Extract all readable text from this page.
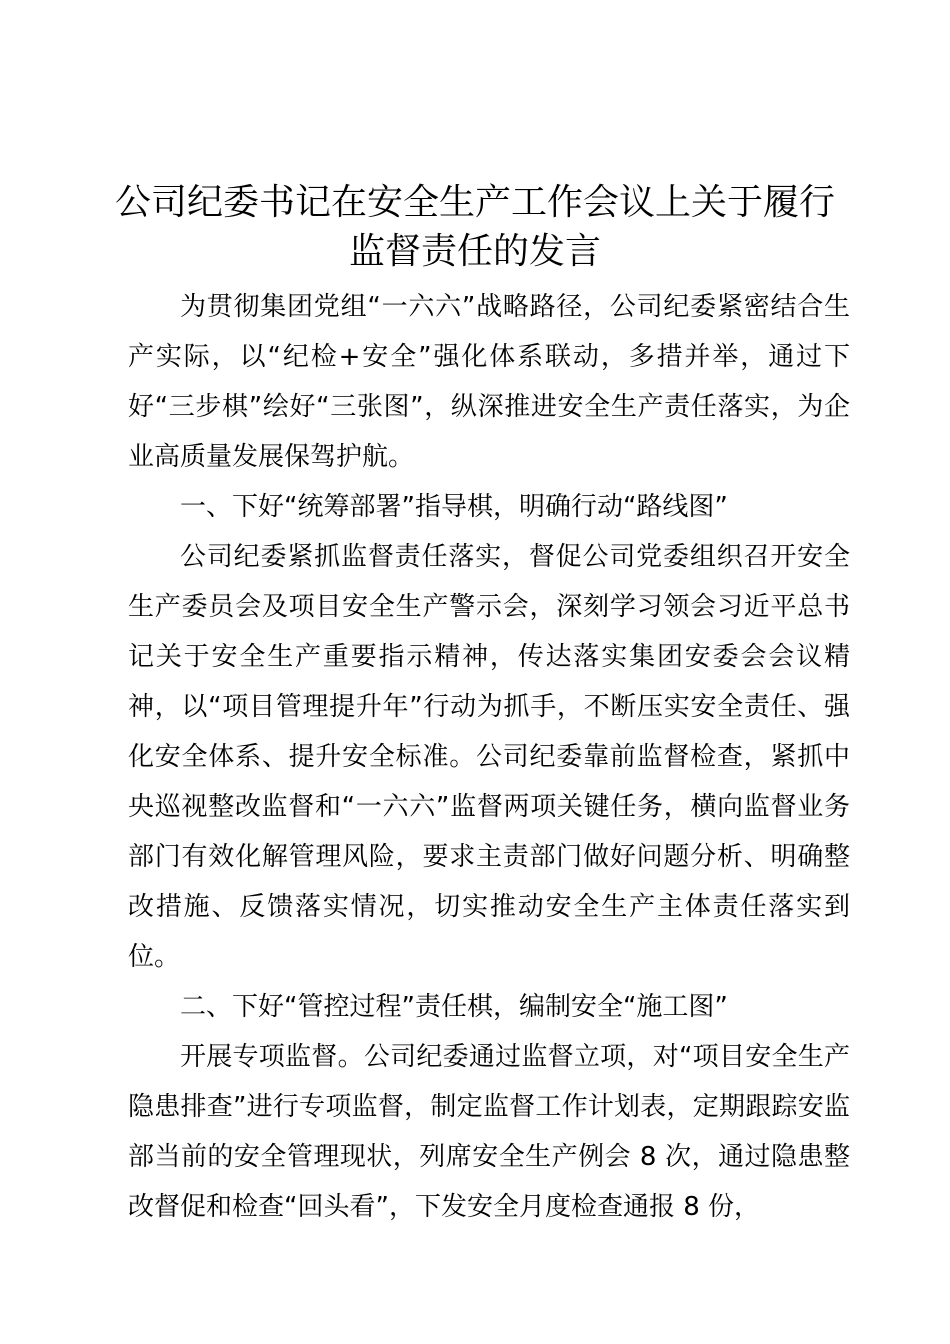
公司纪委书记在安全生产工作会议上关于履行监督责任的发言

为贯彻集团党组“一六六”战略路径，公司纪委紧密结合生产实际，以“纪检+安全”强化体系联动，多措并举，通过下好“三步棋”绘好“三张图”，纵深推进安全生产责任落实，为企业高质量发展保驾护航。

一、下好“统筹部署”指导棋，明确行动“路线图”

公司纪委紧抓监督责任落实，督促公司党委组织召开安全生产委员会及项目安全生产警示会，深刻学习领会习近平总书记关于安全生产重要指示精神，传达落实集团安委会会议精神，以“项目管理提升年”行动为抓手，不断压实安全责任、强化安全体系、提升安全标准。公司纪委靠前监督检查，紧抓中央巡视整改监督和“一六六”监督两项关键任务，横向监督业务部门有效化解管理风险，要求主责部门做好问题分析、明确整改措施、反馈落实情况，切实推动安全生产主体责任落实到位。

二、下好“管控过程”责任棋，编制安全“施工图”

开展专项监督。公司纪委通过监督立项，对“项目安全生产隐患排查”进行专项监督，制定监督工作计划表，定期跟踪安监部当前的安全管理现状，列席安全生产例会 8 次，通过隐患整改督促和检查“回头看”，下发安全月度检查通报 8 份，
